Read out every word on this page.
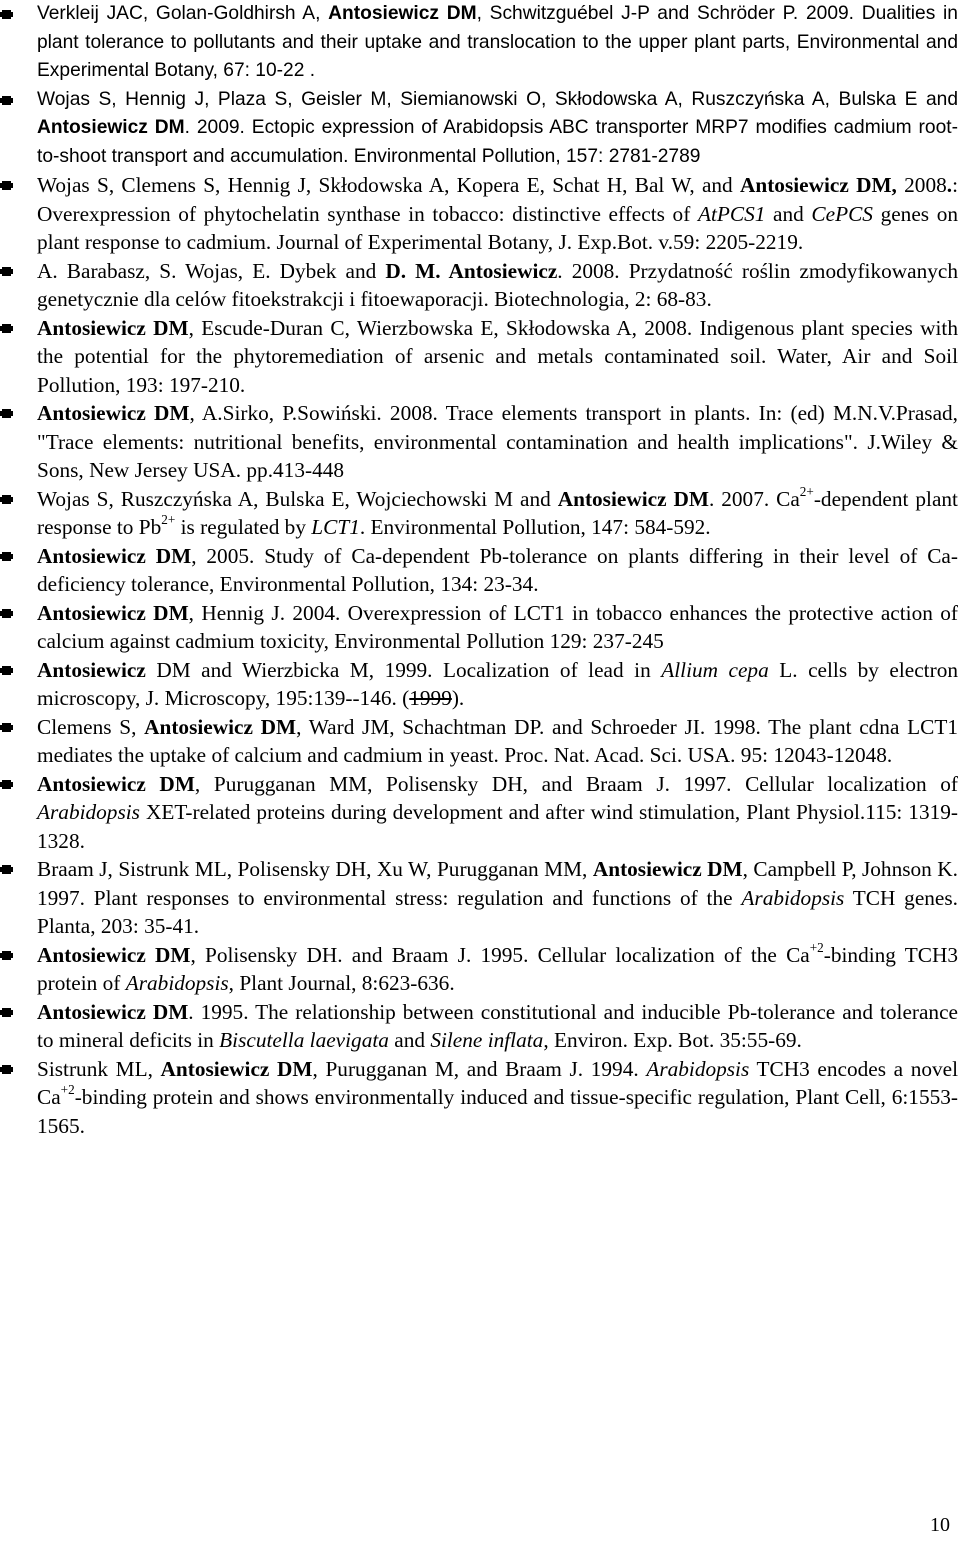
Verkleij JAC, Golan-Goldhirsh A, Antosiewicz DM, Schwitzguébel J-P and Schröder P. 2009. Dualities in plant tolerance to pollutants and their uptake and translocation to the upper plant parts, Environmental and Experimental Botany, 67: 10-22 .
Wojas S, Hennig J, Plaza S, Geisler M, Siemianowski O, Skłodowska A, Ruszczyńska A, Bulska E and Antosiewicz DM. 2009. Ectopic expression of Arabidopsis ABC transporter MRP7 modifies cadmium root-to-shoot transport and accumulation. Environmental Pollution, 157: 2781-2789
Wojas S, Clemens S, Hennig J, Skłodowska A, Kopera E, Schat H, Bal W, and Antosiewicz DM, 2008.: Overexpression of phytochelatin synthase in tobacco: distinctive effects of AtPCS1 and CePCS genes on plant response to cadmium. Journal of Experimental Botany, J. Exp.Bot. v.59: 2205-2219.
A. Barabasz, S. Wojas, E. Dybek and D. M. Antosiewicz. 2008. Przydatność roślin zmodyfikowanych genetycznie dla celów fitoekstrakcji i fitoewaporacji. Biotechnologia, 2: 68-83.
Antosiewicz DM, Escude-Duran C, Wierzbowska E, Skłodowska A, 2008. Indigenous plant species with the potential for the phytoremediation of arsenic and metals contaminated soil. Water, Air and Soil Pollution, 193: 197-210.
Antosiewicz DM, A.Sirko, P.Sowiński. 2008. Trace elements transport in plants. In: (ed) M.N.V.Prasad, "Trace elements: nutritional benefits, environmental contamination and health implications". J.Wiley & Sons, New Jersey USA. pp.413-448
Wojas S, Ruszczyńska A, Bulska E, Wojciechowski M and Antosiewicz DM. 2007. $Ca^{2+}$-dependent plant response to $Pb^{2+}$ is regulated by LCT1. Environmental Pollution, 147: 584-592.
Antosiewicz DM, 2005. Study of Ca-dependent Pb-tolerance on plants differing in their level of Ca-deficiency tolerance, Environmental Pollution, 134: 23-34.
Antosiewicz DM, Hennig J. 2004. Overexpression of LCT1 in tobacco enhances the protective action of calcium against cadmium toxicity, Environmental Pollution 129: 237-245
Antosiewicz DM and Wierzbicka M, 1999. Localization of lead in Allium cepa L. cells by electron microscopy, J. Microscopy, 195:139--146. (1999).
Clemens S, Antosiewicz DM, Ward JM, Schachtman DP. and Schroeder JI. 1998. The plant cdna LCT1 mediates the uptake of calcium and cadmium in yeast. Proc. Nat. Acad. Sci. USA. 95: 12043-12048.
Antosiewicz DM, Purugganan MM, Polisensky DH, and Braam J. 1997. Cellular localization of Arabidopsis XET-related proteins during development and after wind stimulation, Plant Physiol.115: 1319-1328.
Braam J, Sistrunk ML, Polisensky DH, Xu W, Purugganan MM, Antosiewicz DM, Campbell P, Johnson K. 1997. Plant responses to environmental stress: regulation and functions of the Arabidopsis TCH genes. Planta, 203: 35-41.
Antosiewicz DM, Polisensky DH. and Braam J. 1995. Cellular localization of the $Ca^{+2}$-binding TCH3 protein of Arabidopsis, Plant Journal, 8:623-636.
Antosiewicz DM. 1995. The relationship between constitutional and inducible Pb-tolerance and tolerance to mineral deficits in Biscutella laevigata and Silene inflata, Environ. Exp. Bot. 35:55-69.
Sistrunk ML, Antosiewicz DM, Purugganan M, and Braam J. 1994. Arabidopsis TCH3 encodes a novel $Ca^{+2}$-binding protein and shows environmentally induced and tissue-specific regulation, Plant Cell, 6:1553-1565.
10
